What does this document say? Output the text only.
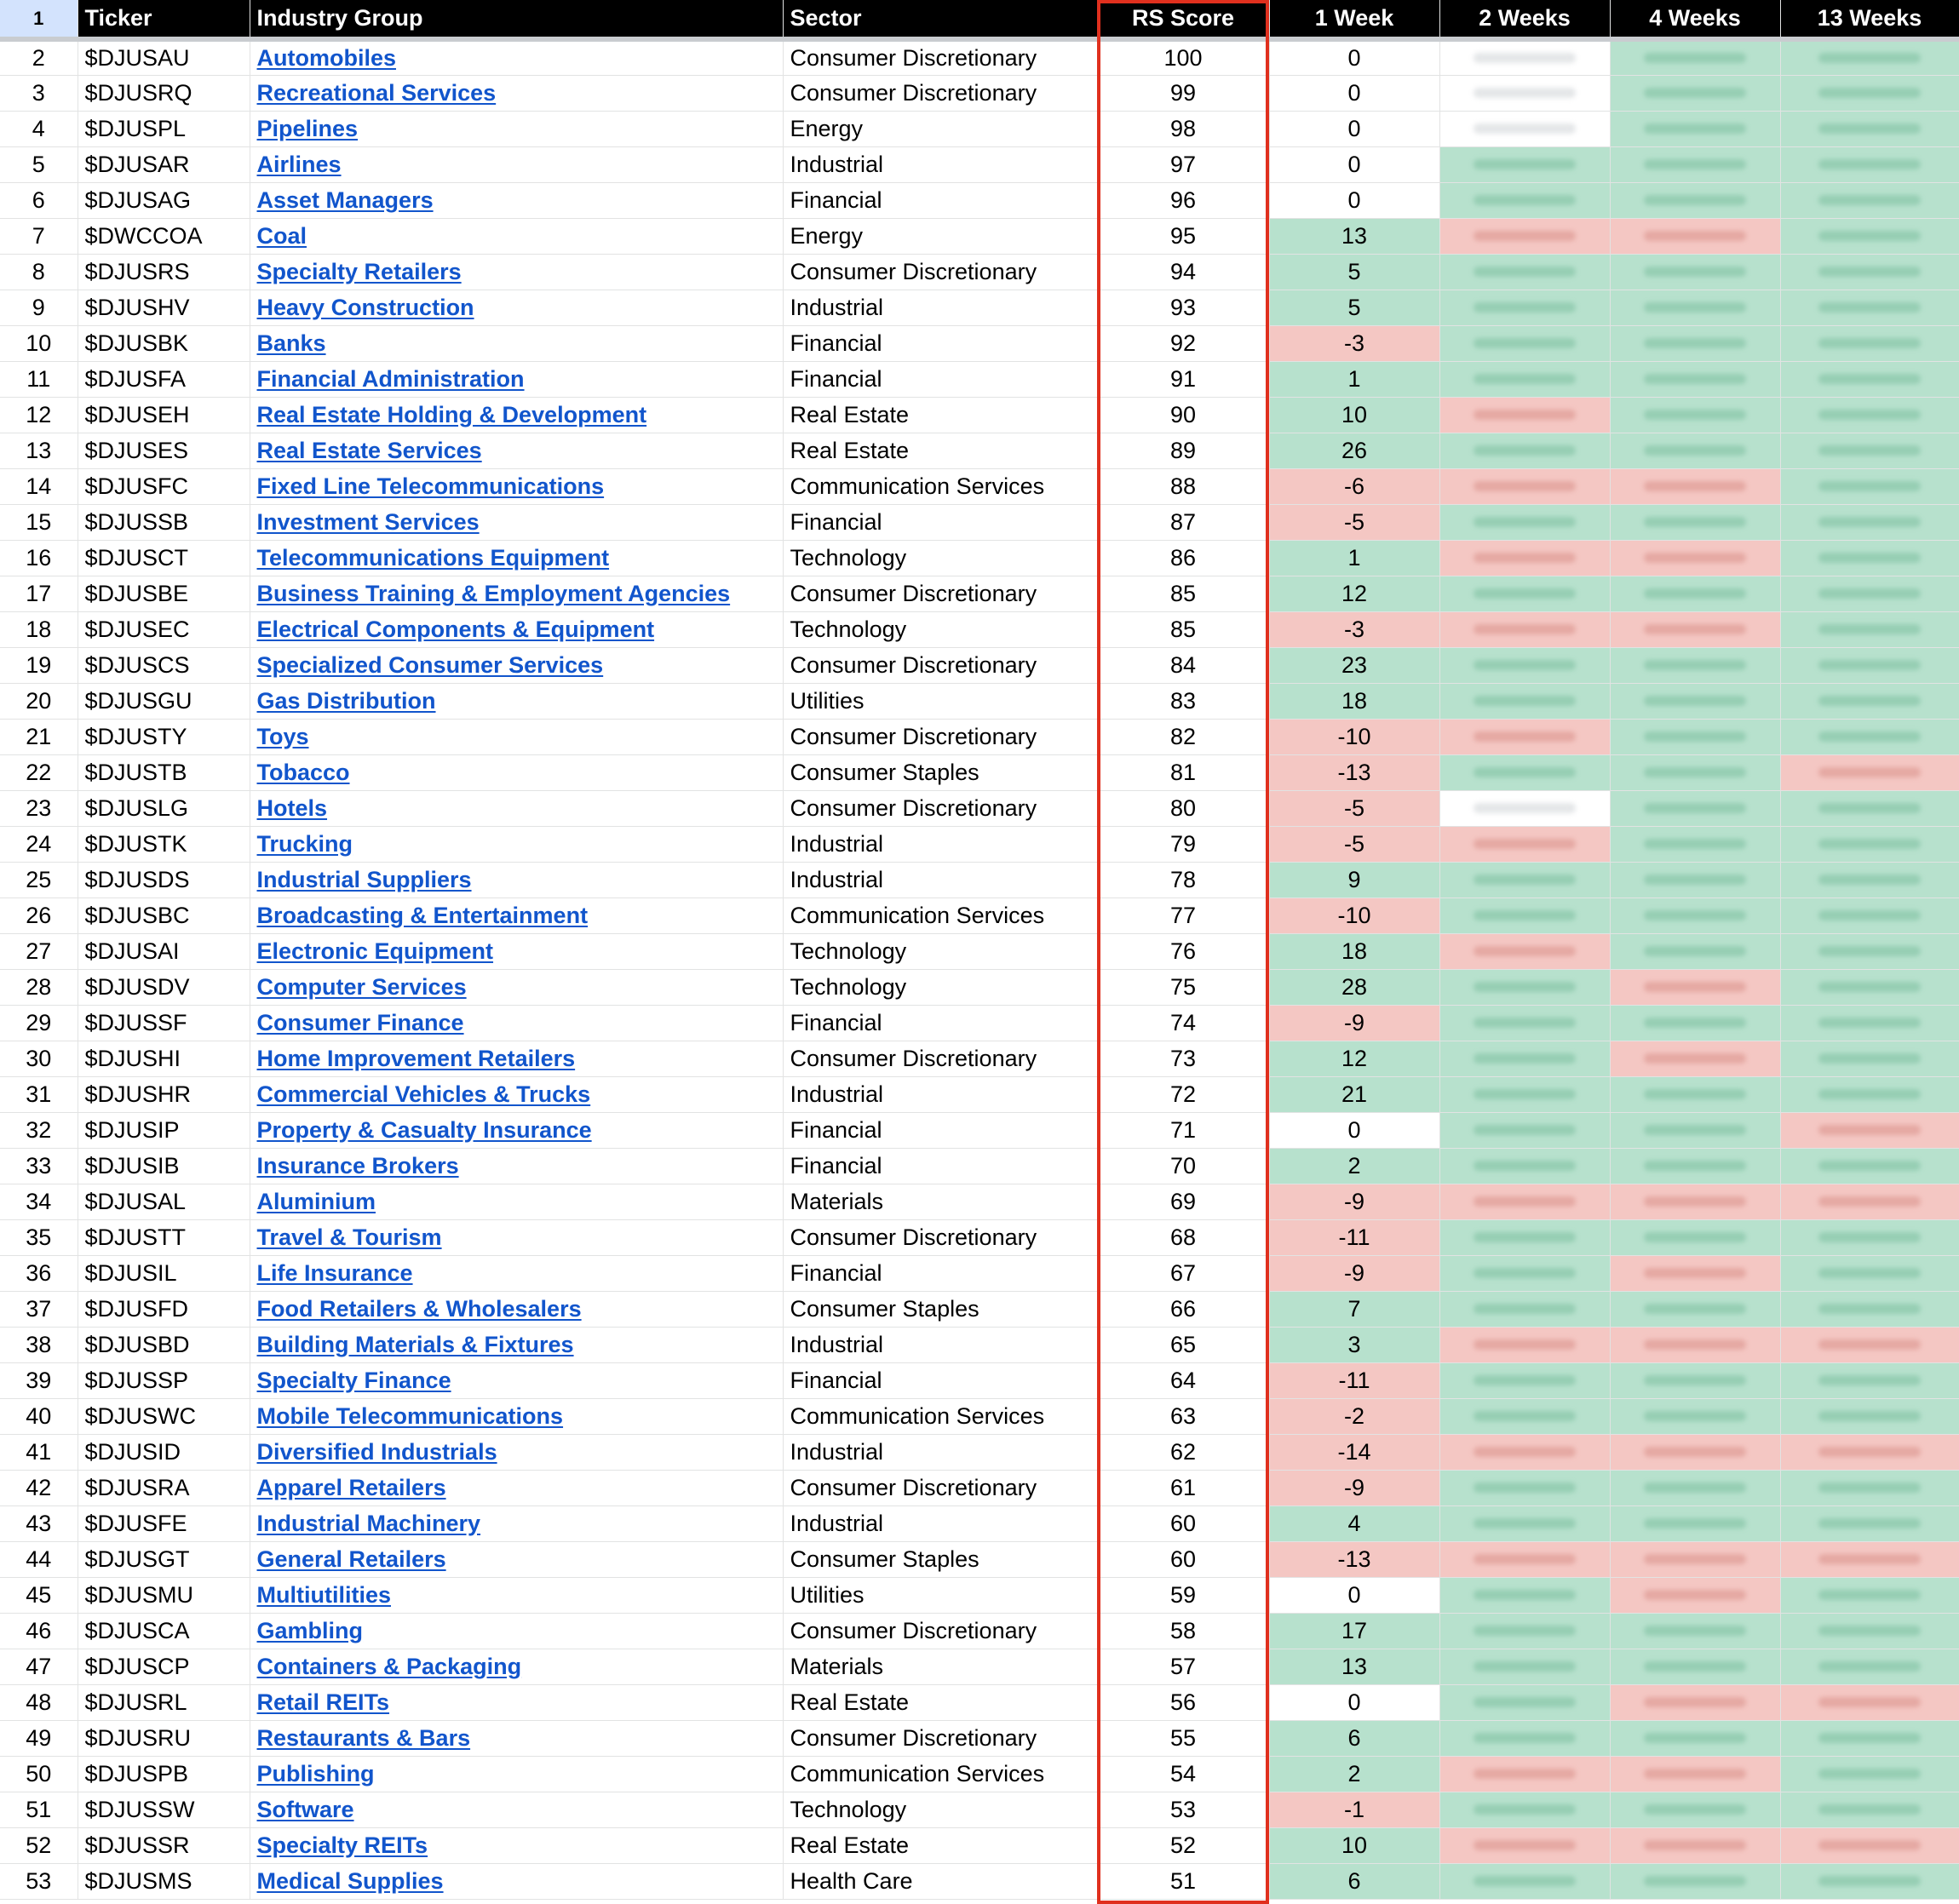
1	Ticker	Industry Group	Sector	RS Score	1 Week	2 Weeks	4 Weeks	13 Weeks
2	$DJUSAU	Automobiles	Consumer Discretionary	100	0	

3	$DJUSRQ	Recreational Services	Consumer Discretionary	99	0	

4	$DJUSPL	Pipelines	Energy	98	0	

5	$DJUSAR	Airlines	Industrial	97	0	

6	$DJUSAG	Asset Managers	Financial	96	0	

7	$DWCCOA	Coal	Energy	95	13	

8	$DJUSRS	Specialty Retailers	Consumer Discretionary	94	5	

9	$DJUSHV	Heavy Construction	Industrial	93	5	

10	$DJUSBK	Banks	Financial	92	-3	

11	$DJUSFA	Financial Administration	Financial	91	1	

12	$DJUSEH	Real Estate Holding & Development	Real Estate	90	10	

13	$DJUSES	Real Estate Services	Real Estate	89	26	

14	$DJUSFC	Fixed Line Telecommunications	Communication Services	88	-6	

15	$DJUSSB	Investment Services	Financial	87	-5	

16	$DJUSCT	Telecommunications Equipment	Technology	86	1	

17	$DJUSBE	Business Training & Employment Agencies	Consumer Discretionary	85	12	

18	$DJUSEC	Electrical Components & Equipment	Technology	85	-3	

19	$DJUSCS	Specialized Consumer Services	Consumer Discretionary	84	23	

20	$DJUSGU	Gas Distribution	Utilities	83	18	

21	$DJUSTY	Toys	Consumer Discretionary	82	-10	

22	$DJUSTB	Tobacco	Consumer Staples	81	-13	

23	$DJUSLG	Hotels	Consumer Discretionary	80	-5	

24	$DJUSTK	Trucking	Industrial	79	-5	

25	$DJUSDS	Industrial Suppliers	Industrial	78	9	

26	$DJUSBC	Broadcasting & Entertainment	Communication Services	77	-10	

27	$DJUSAI	Electronic Equipment	Technology	76	18	

28	$DJUSDV	Computer Services	Technology	75	28	

29	$DJUSSF	Consumer Finance	Financial	74	-9	

30	$DJUSHI	Home Improvement Retailers	Consumer Discretionary	73	12	

31	$DJUSHR	Commercial Vehicles & Trucks	Industrial	72	21	

32	$DJUSIP	Property & Casualty Insurance	Financial	71	0	

33	$DJUSIB	Insurance Brokers	Financial	70	2	

34	$DJUSAL	Aluminium	Materials	69	-9	

35	$DJUSTT	Travel & Tourism	Consumer Discretionary	68	-11	

36	$DJUSIL	Life Insurance	Financial	67	-9	

37	$DJUSFD	Food Retailers & Wholesalers	Consumer Staples	66	7	

38	$DJUSBD	Building Materials & Fixtures	Industrial	65	3	

39	$DJUSSP	Specialty Finance	Financial	64	-11	

40	$DJUSWC	Mobile Telecommunications	Communication Services	63	-2	

41	$DJUSID	Diversified Industrials	Industrial	62	-14	

42	$DJUSRA	Apparel Retailers	Consumer Discretionary	61	-9	

43	$DJUSFE	Industrial Machinery	Industrial	60	4	

44	$DJUSGT	General Retailers	Consumer Staples	60	-13	

45	$DJUSMU	Multiutilities	Utilities	59	0	

46	$DJUSCA	Gambling	Consumer Discretionary	58	17	

47	$DJUSCP	Containers & Packaging	Materials	57	13	

48	$DJUSRL	Retail REITs	Real Estate	56	0	

49	$DJUSRU	Restaurants & Bars	Consumer Discretionary	55	6	

50	$DJUSPB	Publishing	Communication Services	54	2	

51	$DJUSSW	Software	Technology	53	-1	

52	$DJUSSR	Specialty REITs	Real Estate	52	10	

53	$DJUSMS	Medical Supplies	Health Care	51	6	
